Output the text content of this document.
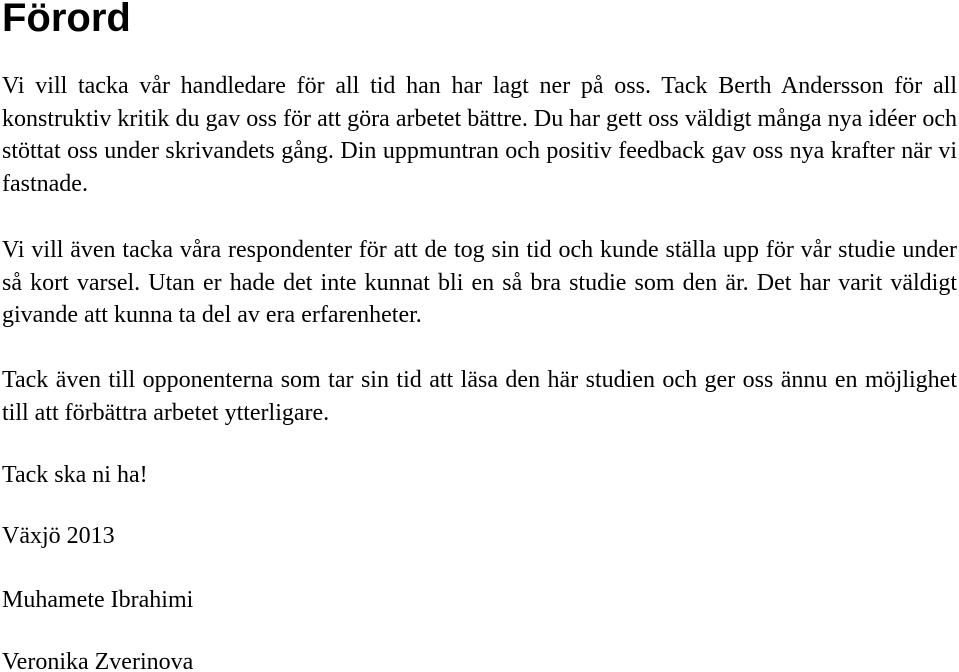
Förord

Vi vill tacka vår handledare för all tid han har lagt ner på oss. Tack Berth Andersson för all konstruktiv kritik du gav oss för att göra arbetet bättre. Du har gett oss väldigt många nya idéer och stöttat oss under skrivandets gång. Din uppmuntran och positiv feedback gav oss nya krafter när vi fastnade.

Vi vill även tacka våra respondenter för att de tog sin tid och kunde ställa upp för vår studie under så kort varsel. Utan er hade det inte kunnat bli en så bra studie som den är. Det har varit väldigt givande att kunna ta del av era erfarenheter.

Tack även till opponenterna som tar sin tid att läsa den här studien och ger oss ännu en möjlighet till att förbättra arbetet ytterligare.

Tack ska ni ha!

Växjö 2013

Muhamete Ibrahimi

Veronika Zverinova
